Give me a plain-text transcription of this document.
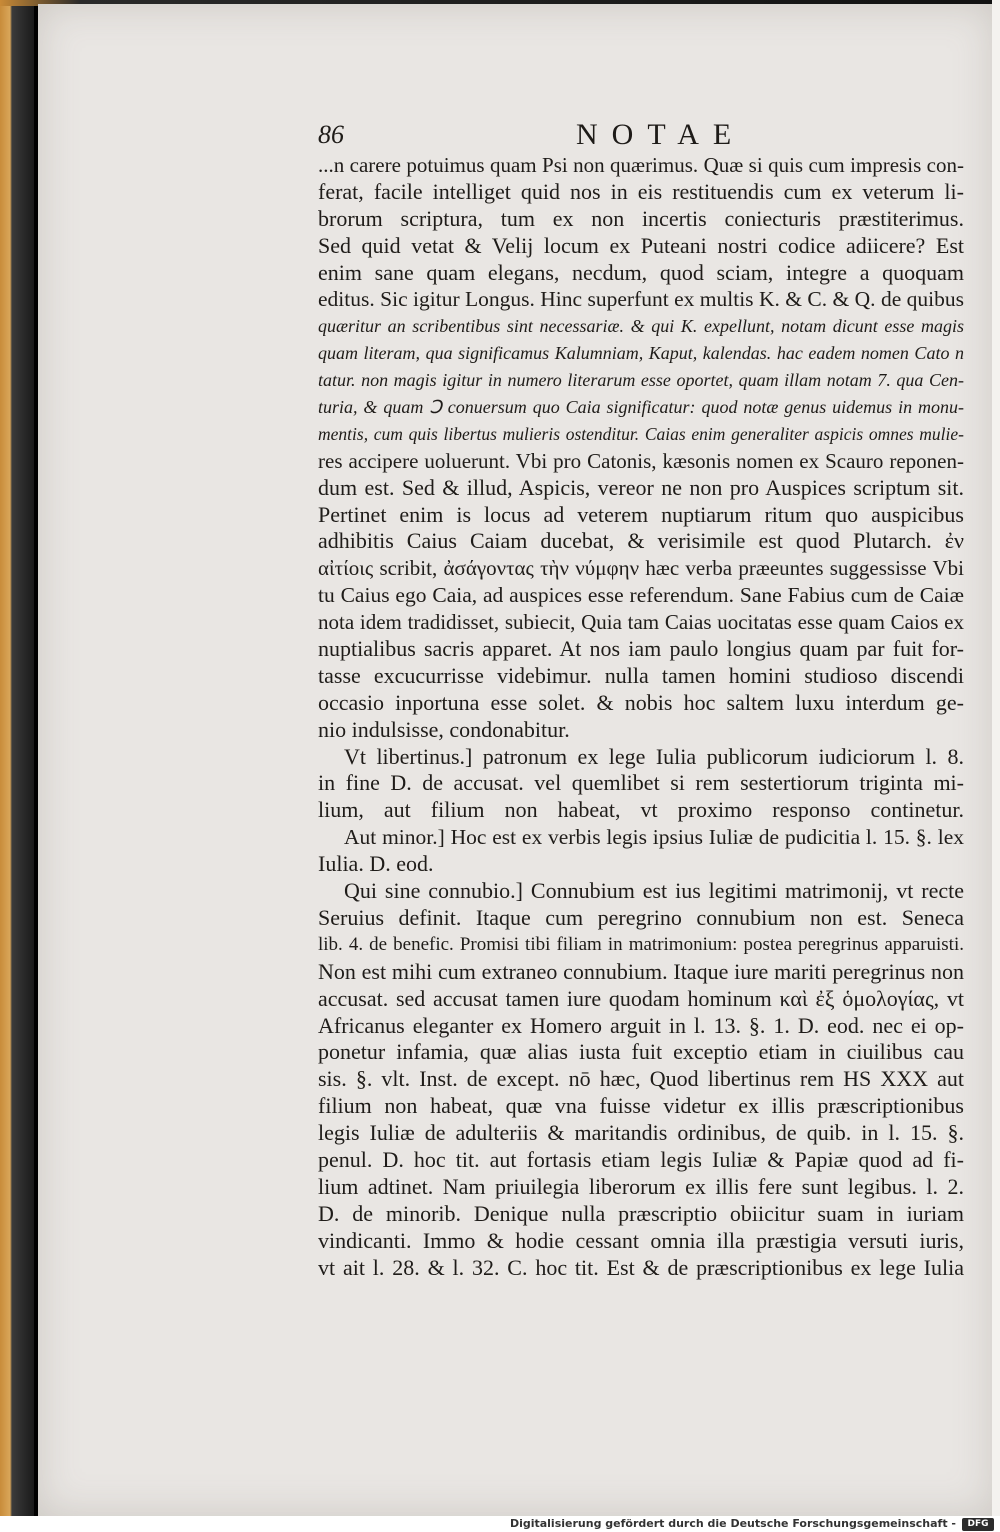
86	NOTAE
...n carere potuimus quam Psi non quærimus. Quæ si quis cum impresis con-
ferat, facile intelliget quid nos in eis restituendis cum ex veterum li-
brorum scriptura, tum ex non incertis coniecturis præstiterimus.
Sed quid vetat & Velij locum ex Puteani nostri codice adiicere? Est
enim sane quam elegans, necdum, quod sciam, integre a quoquam
editus. Sic igitur Longus. Hinc superfunt ex multis K. & C. & Q. de quibus
quæritur an scribentibus sint necessariæ. & qui K. expellunt, notam dicunt esse magis
quam literam, qua significamus Kalumniam, Kaput, kalendas. hac eadem nomen Cato n
tatur. non magis igitur in numero literarum esse oportet, quam illam notam 7. qua Cen-
turia, & quam Ↄ conuersum quo Caia significatur: quod notæ genus uidemus in monu-
mentis, cum quis libertus mulieris ostenditur. Caias enim generaliter aspicis omnes mulie-
res accipere uoluerunt. Vbi pro Catonis, kæsonis nomen ex Scauro reponen-
dum est. Sed & illud, Aspicis, vereor ne non pro Auspices scriptum sit.
Pertinet enim is locus ad veterem nuptiarum ritum quo auspicibus
adhibitis Caius Caiam ducebat, & verisimile est quod Plutarch. ἐν
αἰτίοις scribit, ἀσάγοντας τὴν νύμφην hæc verba præeuntes suggessisse Vbi
tu Caius ego Caia, ad auspices esse referendum. Sane Fabius cum de Caiæ
nota idem tradidisset, subiecit, Quia tam Caias uocitatas esse quam Caios ex
nuptialibus sacris apparet. At nos iam paulo longius quam par fuit for-
tasse excucurrisse videbimur. nulla tamen homini studioso discendi
occasio inportuna esse solet. & nobis hoc saltem luxu interdum ge-
nio indulsisse, condonabitur.
Vt libertinus.] patronum ex lege Iulia publicorum iudiciorum l. 8.
in fine D. de accusat. vel quemlibet si rem sestertiorum triginta mi-
lium, aut filium non habeat, vt proximo responso continetur.
Aut minor.] Hoc est ex verbis legis ipsius Iuliæ de pudicitia l. 15. §. lex
Iulia. D. eod.
Qui sine connubio.] Connubium est ius legitimi matrimonij, vt recte
Seruius definit. Itaque cum peregrino connubium non est. Seneca
lib. 4. de benefic. Promisi tibi filiam in matrimonium: postea peregrinus apparuisti.
Non est mihi cum extraneo connubium. Itaque iure mariti peregrinus non
accusat. sed accusat tamen iure quodam hominum καὶ ἐξ ὁμολογίας, vt
Africanus eleganter ex Homero arguit in l. 13. §. 1. D. eod. nec ei op-
ponetur infamia, quæ alias iusta fuit exceptio etiam in ciuilibus cau
sis. §. vlt. Inst. de except. nō hæc, Quod libertinus rem HS XXX aut
filium non habeat, quæ vna fuisse videtur ex illis præscriptionibus
legis Iuliæ de adulteriis & maritandis ordinibus, de quib. in l. 15. §.
penul. D. hoc tit. aut fortasis etiam legis Iuliæ & Papiæ quod ad fi-
lium adtinet. Nam priuilegia liberorum ex illis fere sunt legibus. l. 2.
D. de minorib. Denique nulla præscriptio obiicitur suam in iuriam
vindicanti. Immo & hodie cessant omnia illa præstigia versuti iuris,
vt ait l. 28. & l. 32. C. hoc tit. Est & de præscriptionibus ex lege Iulia
Digitalisierung gefördert durch die Deutsche Forschungsgemeinschaft -	DFG
